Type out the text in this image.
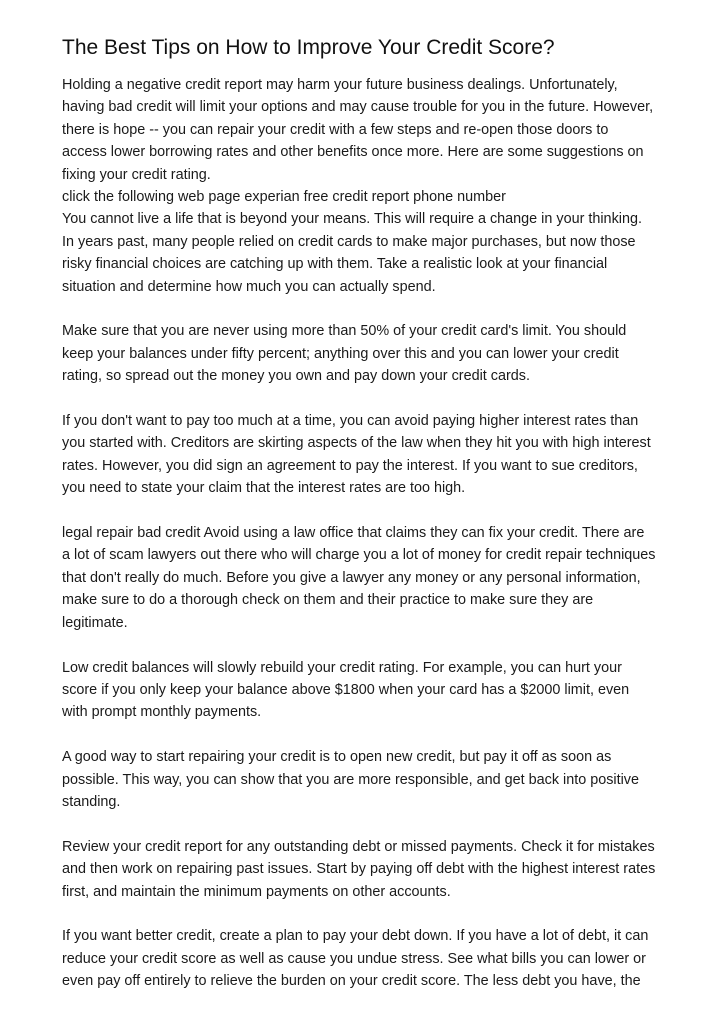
The Best Tips on How to Improve Your Credit Score?

Holding a negative credit report may harm your future business dealings. Unfortunately,
having bad credit will limit your options and may cause trouble for you in the future. However,
there is hope -- you can repair your credit with a few steps and re-open those doors to
access lower borrowing rates and other benefits once more. Here are some suggestions on
fixing your credit rating.
click the following web page experian free credit report phone number
You cannot live a life that is beyond your means. This will require a change in your thinking.
In years past, many people relied on credit cards to make major purchases, but now those
risky financial choices are catching up with them. Take a realistic look at your financial
situation and determine how much you can actually spend.

Make sure that you are never using more than 50% of your credit card's limit. You should
keep your balances under fifty percent; anything over this and you can lower your credit
rating, so spread out the money you own and pay down your credit cards.

If you don't want to pay too much at a time, you can avoid paying higher interest rates than
you started with. Creditors are skirting aspects of the law when they hit you with high interest
rates. However, you did sign an agreement to pay the interest. If you want to sue creditors,
you need to state your claim that the interest rates are too high.

legal repair bad credit Avoid using a law office that claims they can fix your credit. There are
a lot of scam lawyers out there who will charge you a lot of money for credit repair techniques
that don't really do much. Before you give a lawyer any money or any personal information,
make sure to do a thorough check on them and their practice to make sure they are
legitimate.

Low credit balances will slowly rebuild your credit rating. For example, you can hurt your
score if you only keep your balance above $1800 when your card has a $2000 limit, even
with prompt monthly payments.

A good way to start repairing your credit is to open new credit, but pay it off as soon as
possible. This way, you can show that you are more responsible, and get back into positive
standing.

Review your credit report for any outstanding debt or missed payments. Check it for mistakes
and then work on repairing past issues. Start by paying off debt with the highest interest rates
first, and maintain the minimum payments on other accounts.

If you want better credit, create a plan to pay your debt down. If you have a lot of debt, it can
reduce your credit score as well as cause you undue stress. See what bills you can lower or
even pay off entirely to relieve the burden on your credit score. The less debt you have, the
